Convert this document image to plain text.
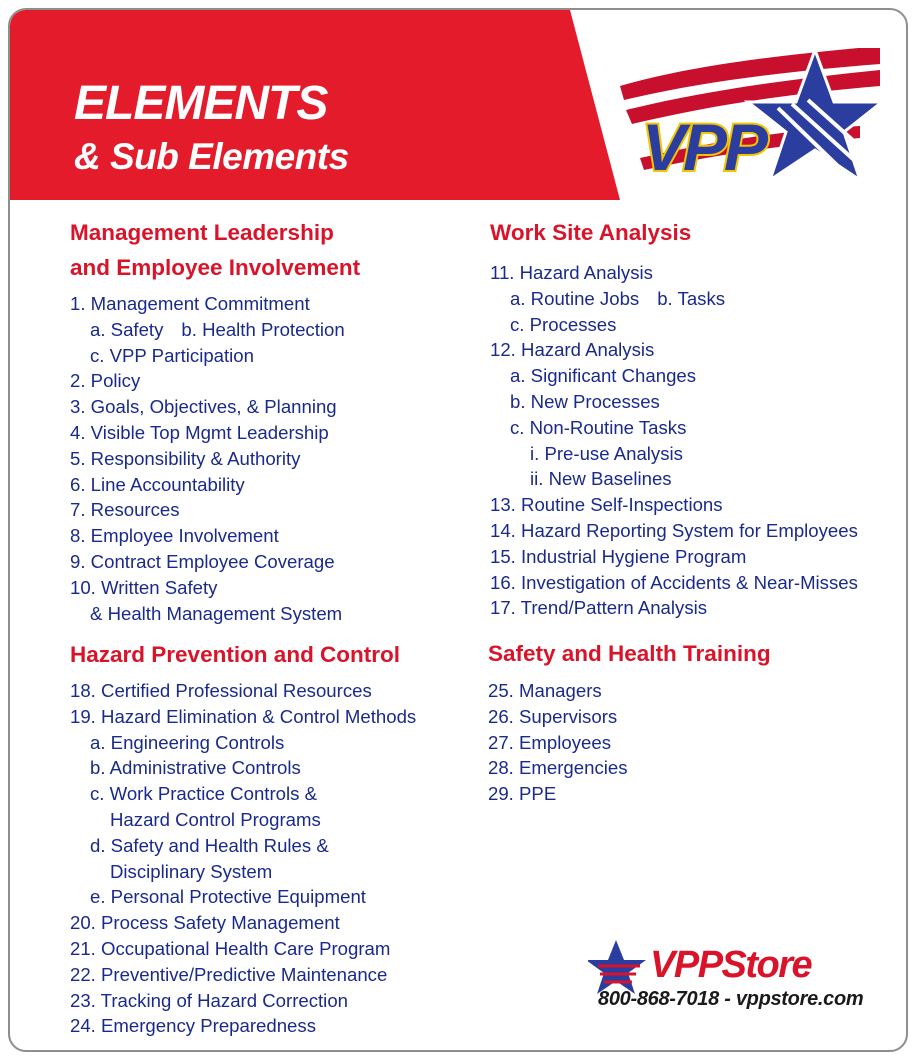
ELEMENTS
& Sub Elements	VPP
Management Leadership
and Employee Involvement
1. Management Commitment
a. Safety b. Health Protection
c. VPP Participation
2. Policy
3. Goals, Objectives, & Planning
4. Visible Top Mgmt Leadership
5. Responsibility & Authority
6. Line Accountability
7. Resources
8. Employee Involvement
9. Contract Employee Coverage
10. Written Safety
& Health Management System
Hazard Prevention and Control
18. Certified Professional Resources
19. Hazard Elimination & Control Methods
a. Engineering Controls
b. Administrative Controls
c. Work Practice Controls &
Hazard Control Programs
d. Safety and Health Rules &
Disciplinary System
e. Personal Protective Equipment
20. Process Safety Management
21. Occupational Health Care Program
22. Preventive/Predictive Maintenance
23. Tracking of Hazard Correction
24. Emergency Preparedness
Work Site Analysis
11. Hazard Analysis
a. Routine Jobs b. Tasks
c. Processes
12. Hazard Analysis
a. Significant Changes
b. New Processes
c. Non-Routine Tasks
i. Pre-use Analysis
ii. New Baselines
13. Routine Self-Inspections
14. Hazard Reporting System for Employees
15. Industrial Hygiene Program
16. Investigation of Accidents & Near-Misses
17. Trend/Pattern Analysis
Safety and Health Training
25. Managers
26. Supervisors
27. Employees
28. Emergencies
29. PPE
VPPStore
800-868-7018 - vppstore.com
